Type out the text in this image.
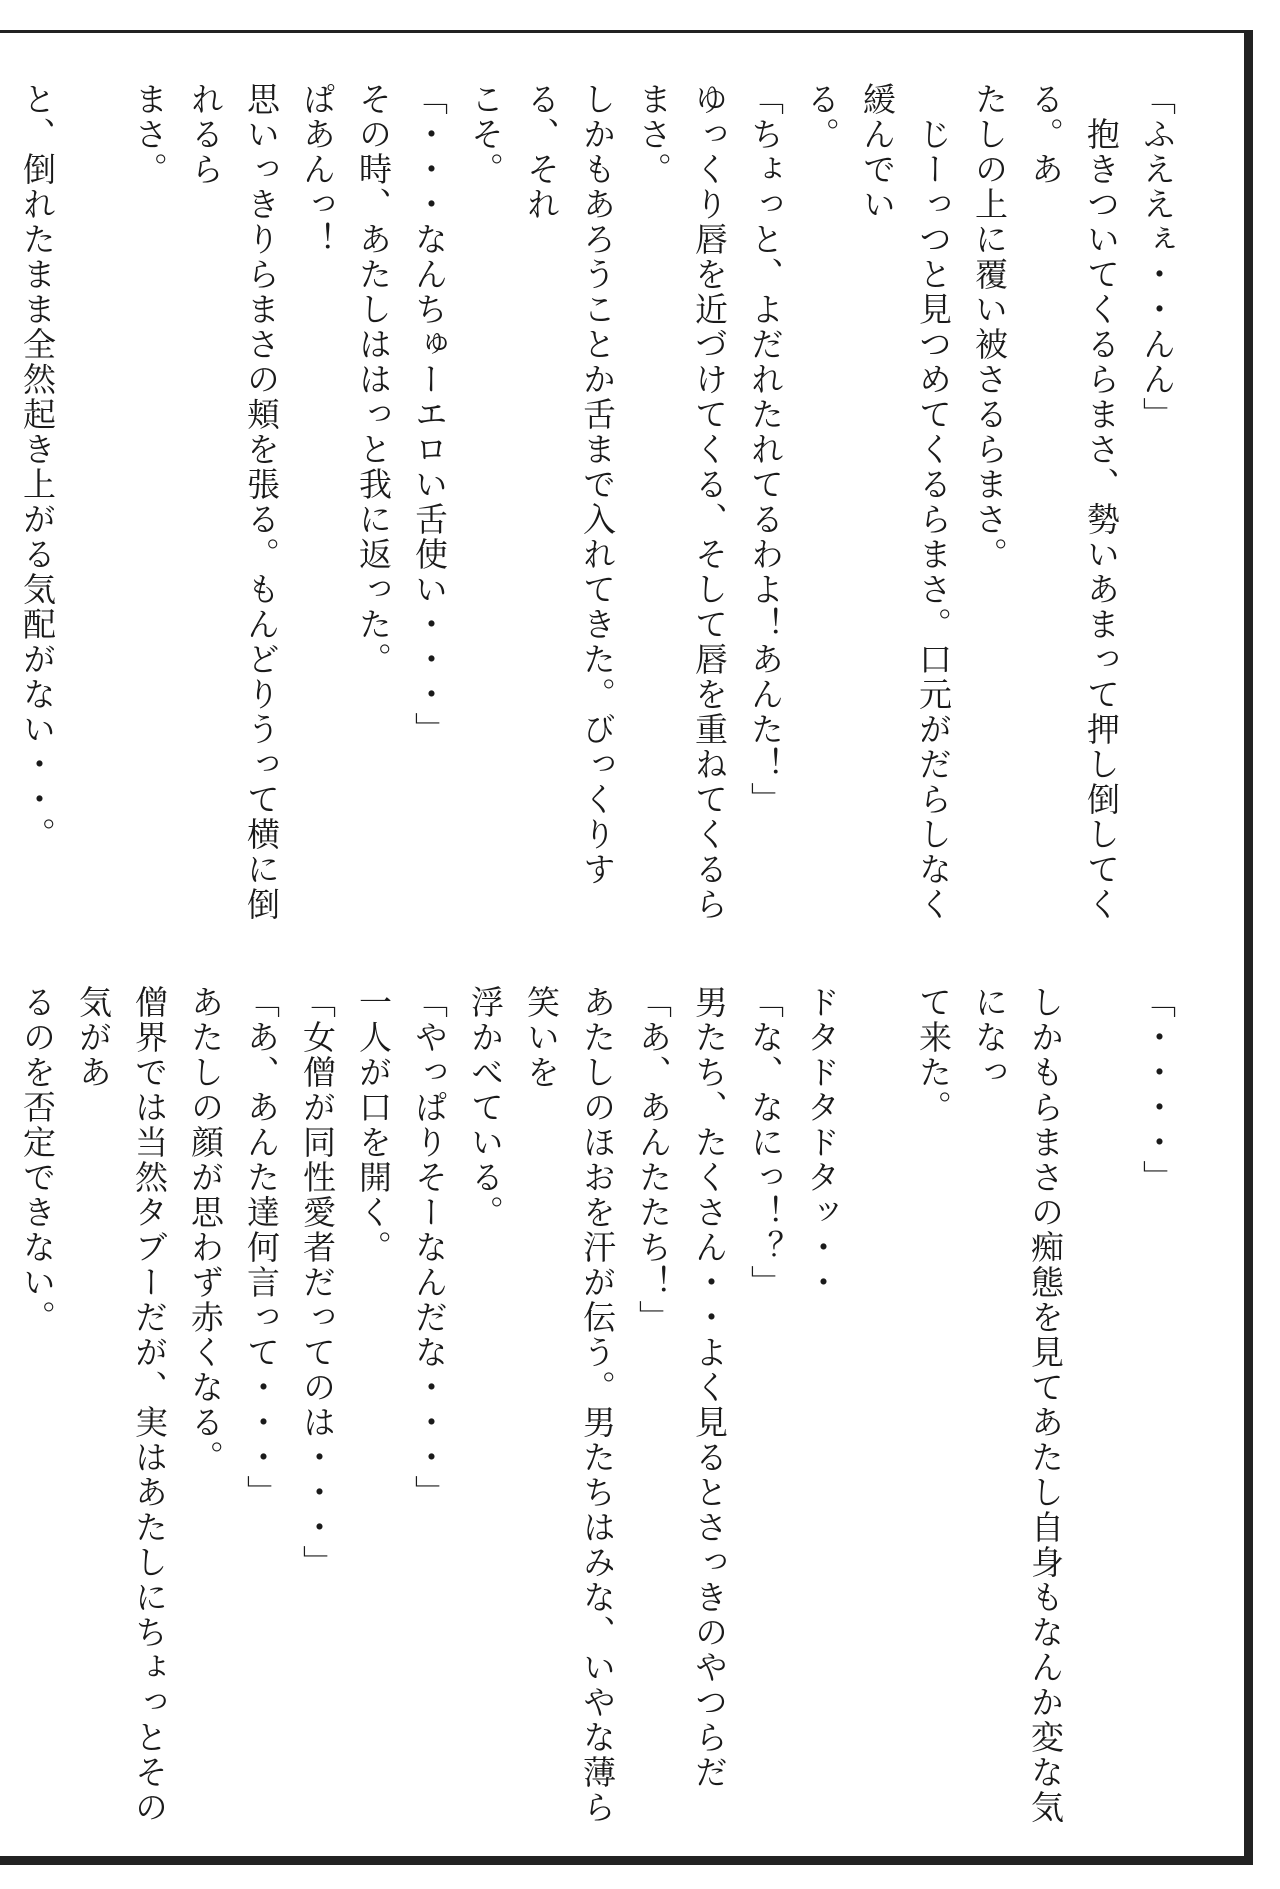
「ふええぇ・・んん」
　抱きついてくるらまさ、勢いあまって押し倒してくる。あ
たしの上に覆い被さるらまさ。
　じーっつと見つめてくるらまさ。口元がだらしなく緩んでい
る。
「ちょっと、よだれたれてるわよ！あんた！」
ゆっくり唇を近づけてくる、そして唇を重ねてくるらまさ。
しかもあろうことか舌まで入れてきた。びっくりする、それ
こそ。
「・・・なんちゅーエロい舌使い・・・」
その時、あたしははっと我に返った。
ぱあんっ！
思いっきりらまさの頬を張る。もんどりうって横に倒れるら
まさ。

と、倒れたまま全然起き上がる気配がない・・。

「・・・・」

しかもらまさの痴態を見てあたし自身もなんか変な気になっ
て来た。

ドタドタドタッ・・
「な、なにっ！？」
男たち、たくさん・・よく見るとさっきのやつらだ
「あ、あんたたち！」
あたしのほおを汗が伝う。男たちはみな、いやな薄ら笑いを
浮かべている。
「やっぱりそーなんだな・・・」
一人が口を開く。
「女僧が同性愛者だってのは・・・」
「あ、あんた達何言って・・・」
あたしの顔が思わず赤くなる。
僧界では当然タブーだが、実はあたしにちょっとその気があ
るのを否定できない。
